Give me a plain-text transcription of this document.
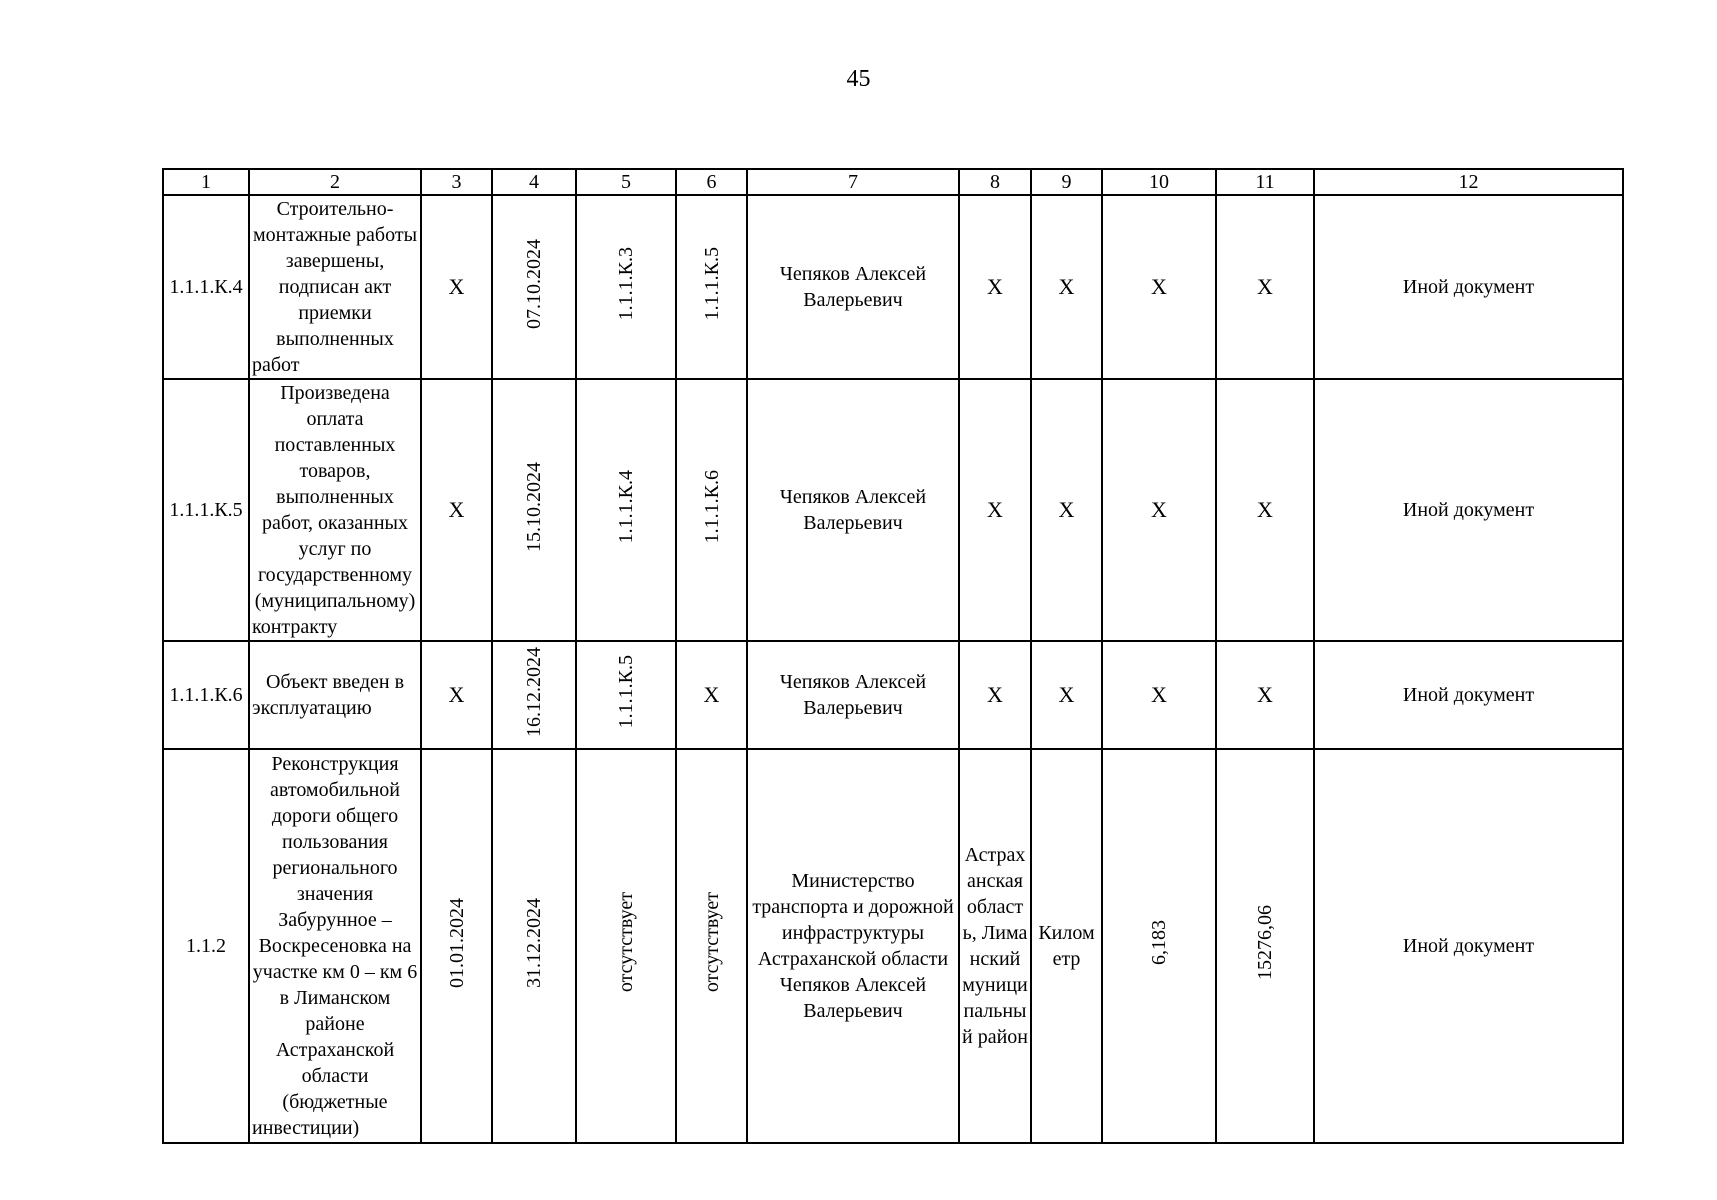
45
1	2	3	4	5	6	7	8	9	10	11	12
1.1.1.К.4	Строительно-монтажные работы завершены, подписан акт приемки выполненных работ	X	07.10.2024	1.1.1.К.3	1.1.1.К.5	Чепяков Алексей Валерьевич	X	X	X	X	Иной документ
1.1.1.К.5	Произведена оплата поставленных товаров, выполненных работ, оказанных услуг по государственному (муниципальному) контракту	X	15.10.2024	1.1.1.К.4	1.1.1.К.6	Чепяков Алексей Валерьевич	X	X	X	X	Иной документ
1.1.1.К.6	Объект введен в эксплуатацию	X	16.12.2024	1.1.1.К.5	X	Чепяков Алексей Валерьевич	X	X	X	X	Иной документ
1.1.2	Реконструкция автомобильной дороги общего пользования регионального значения Забурунное – Воскресеновка на участке км 0 – км 6 в Лиманском районе Астраханской области (бюджетные инвестиции)	01.01.2024	31.12.2024	отсутствует	отсутствует	Министерство транспорта и дорожной инфраструктуры Астраханской области Чепяков Алексей Валерьевич	Астраханская область, Лиманский муниципальный район	Километр	6,183	15276,06	Иной документ
